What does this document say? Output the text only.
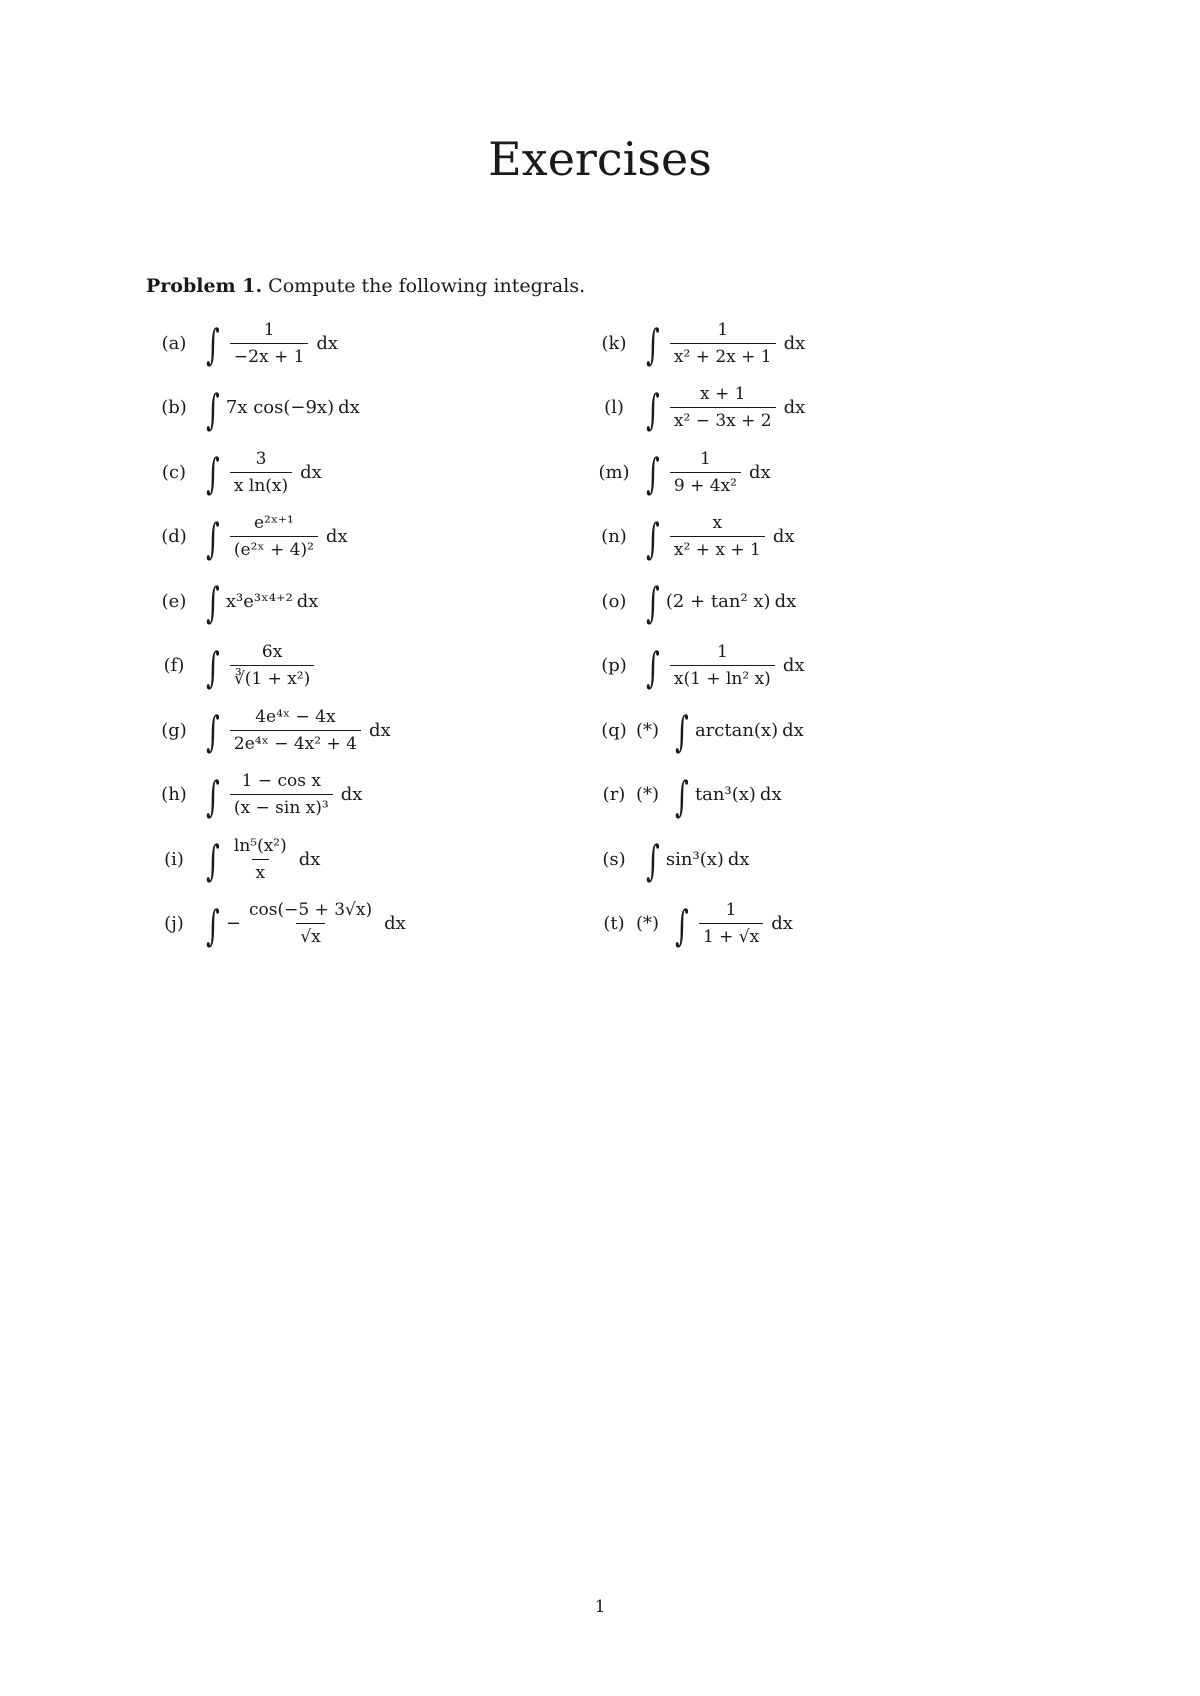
Exercises
Problem 1. Compute the following integrals.
(a) ∫ $\frac{1}{-2x + 1}$ dx
(b) ∫ 7x cos(−9x) dx
(c) ∫ $\frac{3}{\text{x ln(x)}}$ dx
(d) ∫ $\frac{\text{e²ˣ⁺¹}}{\text{(e²ˣ + 4)²}}$ dx
(e) ∫ x³e³ˣ⁴⁺² dx
(f) ∫ $\frac{6x}{\text{∛(1 + x²)}}$
(g) ∫ $\frac{\text{4e⁴ˣ − 4x}}{\text{2e⁴ˣ − 4x² + 4}}$ dx
(h) ∫ $\frac{\text{1 − cos x}}{\text{(x − sin x)³}}$ dx
(i) ∫ $\frac{\text{ln⁵(x²)}}{x}$ dx
(j) ∫ − $\frac{\cos(-5 + 3√x)}{√x}$ dx
(k) ∫ $\frac{1}{\text{x² + 2x + 1}}$ dx
(l) ∫ $\frac{x + 1}{\text{x² − 3x + 2}}$ dx
(m) ∫ $\frac{1}{\text{9 + 4x²}}$ dx
(n) ∫ $\frac{x}{\text{x² + x + 1}}$ dx
(o) ∫ (2 + tan² x) dx
(p) ∫ $\frac{1}{\text{x(1 + ln² x)}}$ dx
(q) (*) ∫ arctan(x) dx
(r) (*) ∫ tan³(x) dx
(s) ∫ sin³(x) dx
(t) (*) ∫ $\frac{1}{1 + √x}$ dx
1
